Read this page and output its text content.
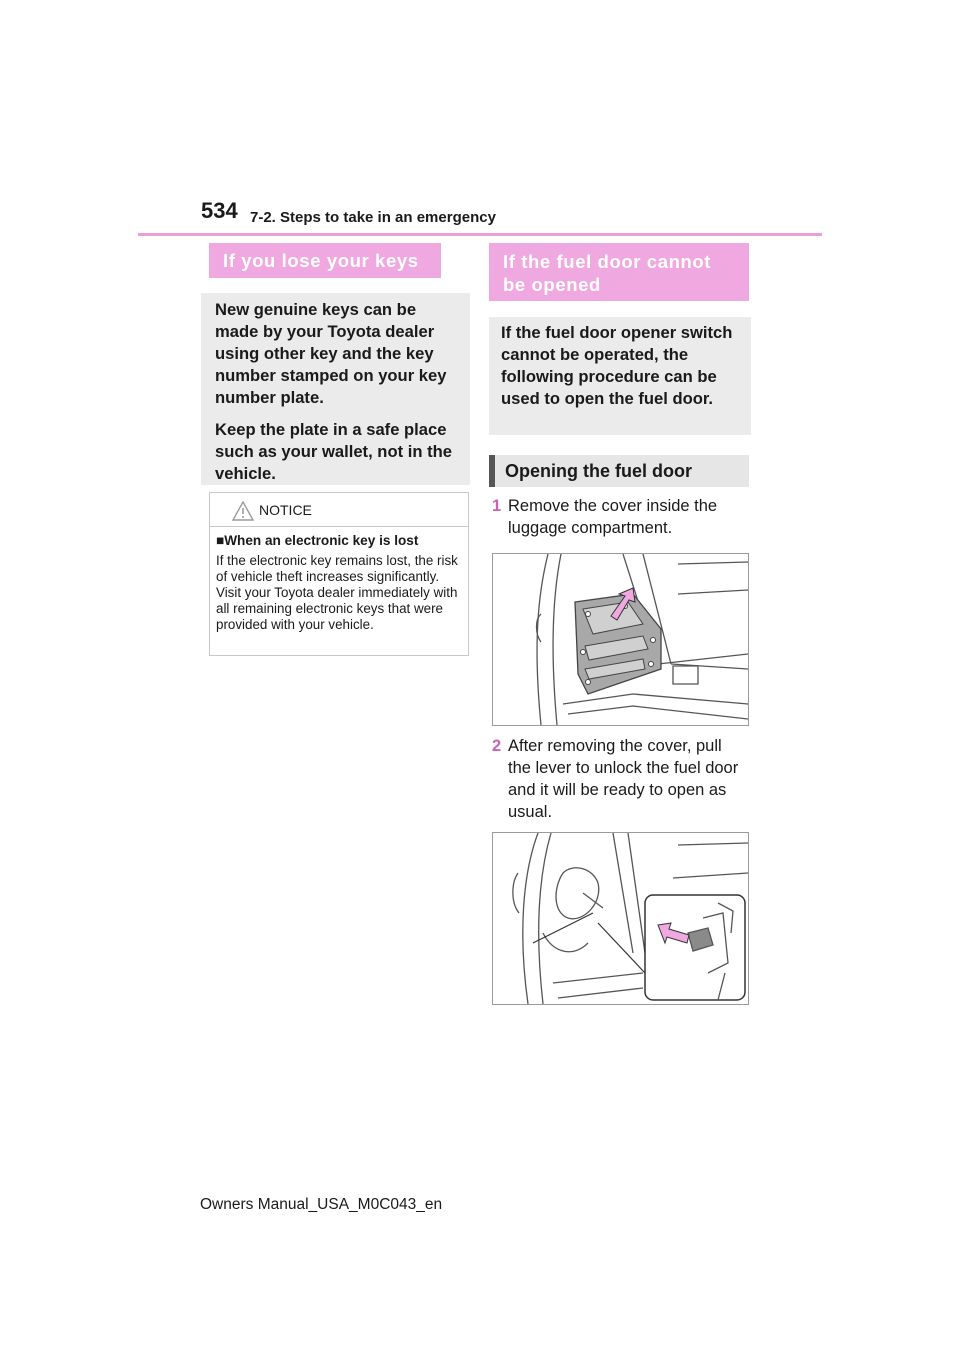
534 7-2. Steps to take in an emergency
If you lose your keys

New genuine keys can be made by your Toyota dealer using other key and the key number stamped on your key number plate.

Keep the plate in a safe place such as your wallet, not in the vehicle.

NOTICE
■When an electronic key is lost
If the electronic key remains lost, the risk of vehicle theft increases significantly. Visit your Toyota dealer immediately with all remaining electronic keys that were provided with your vehicle.
If the fuel door cannot
be opened

If the fuel door opener switch cannot be operated, the following procedure can be used to open the fuel door.

Opening the fuel door
1 Remove the cover inside the luggage compartment.
2 After removing the cover, pull the lever to unlock the fuel door and it will be ready to open as usual.
Owners Manual_USA_M0C043_en
